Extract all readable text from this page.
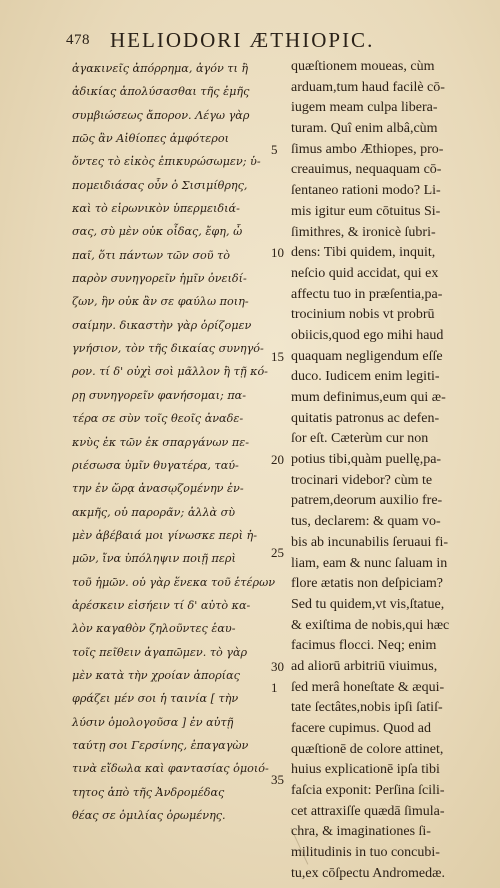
478 HELIODORI ÆTHIOPIC.
ἀγακινεῖς ἀπόρρημα, ἀγόν τι ἢ
ἀδικίας ἀπολύσασθαι τῆς ἐμῆς
συμβιώσεως ἄπορον. Λέγω γὰρ
πῶς ἂν Αἰθίοπες ἀμφότεροι
ὄντες τὸ εἰκὸς ἐπικυρώσωμεν; ὑ-
πομειδιάσας οὖν ὁ Σισιμίθρης,
καὶ τὸ εἰρωνικὸν ὑπερμειδιά-
σας, σὺ μὲν οὐκ οἶδας, ἔφη, ὦ
παῖ, ὅτι πάντων τῶν σοῦ τὸ
παρὸν συνηγορεῖν ἡμῖν ὀνειδί-
ζων, ἣν οὐκ ἂν σε φαύλω ποιη-
σαίμην. δικαστὴν γὰρ ὁρίζομεν
γνήσιον, τὸν τῆς δικαίας συνηγό-
ρον. τί δ' οὐχὶ σοὶ μᾶλλον ἢ τῇ κό-
ρῃ συνηγορεῖν φανήσομαι; πα-
τέρα σε σὺν τοῖς θεοῖς ἀναδε-
κνὺς ἐκ τῶν ἐκ σπαργάνων πε-
ριέσωσα ὑμῖν θυγατέρα, ταύ-
την ἐν ὥρᾳ ἀνασῳζομένην ἐν-
ακμῆς, οὐ παρορᾶν; ἀλλὰ σὺ
μὲν ἀβέβαιά μοι γίνωσκε περὶ ἡ-
μῶν, ἴνα ὑπόληψιν ποιῇ περὶ
τοῦ ἡμῶν. οὐ γὰρ ἕνεκα τοῦ ἑτέρων
ἀρέσκειν εἰσήειν τί δ' αὐτὸ κα-
λὸν καγαθὸν ζηλοῦντες ἑαυ-
τοῖς πεῖθειν ἀγαπῶμεν. τὸ γὰρ
μὲν κατὰ τὴν χροίαν ἀπορίας
φράζει μέν σοι ἡ ταινία [ τὴν
λύσιν ὁμολογοῦσα ] ἐν αὐτῇ
ταύτῃ σοι Γερσίνης, ἐπαγαγὼν
τινὰ εἴδωλα καὶ φαντασίας ὁμοιό-
τητος ἀπὸ τῆς Ἀνδρομέδας
θέας σε ὁμιλίας ὁρωμένης.
quæſtionem moueas, cùm
arduam,tum haud facilè cō-
iugem meam culpa libera-
turam. Quî enim albâ,cùm
5 ſimus ambo Æthiopes, pro-
creauimus, nequaquam cō-
ſentaneo rationi modo? Li-
mis igitur eum cōtuitus Si-
ſimithres, & ironicè ſubri-
10 dens: Tibi quidem, inquit,
neſcio quid accidat, qui ex
affectu tuo in præſentia,pa-
trocinium nobis vt probrū
obiicis,quod ego mihi haud
15 quaquam negligendum eſſe
duco. Iudicem enim legiti-
mum definimus,eum qui æ-
quitatis patronus ac defen-
ſor eſt. Cæterùm cur non
20 potius tibi,quàm puellę,pa-
trocinari videbor? cùm te
patrem,deorum auxilio fre-
tus, declarem: & quam vo-
25
bis ab incunabilis ſeruaui fi-
liam, eam & nunc ſaluam in
flore ætatis non deſpiciam?
Sed tu quidem,vt vis,ſtatue,
& exiſtima de nobis,qui hæc
facimus flocci. Neq; enim
30 ad aliorū arbitriū viuimus,
1 ſed merâ honeſtate & æqui-
tate ſectâtes,nobis ipſi ſatiſ-
facere cupimus. Quod ad
quæſtionē de colore attinet,
35
huius explicationē ipſa tibi
faſcia exponit: Perſina ſcili-
cet attraxiſſe quædā ſimula-
chra, & imaginationes ſi-
militudinis in tuo concubi-
tu,ex cōſpectu Andromedæ.
